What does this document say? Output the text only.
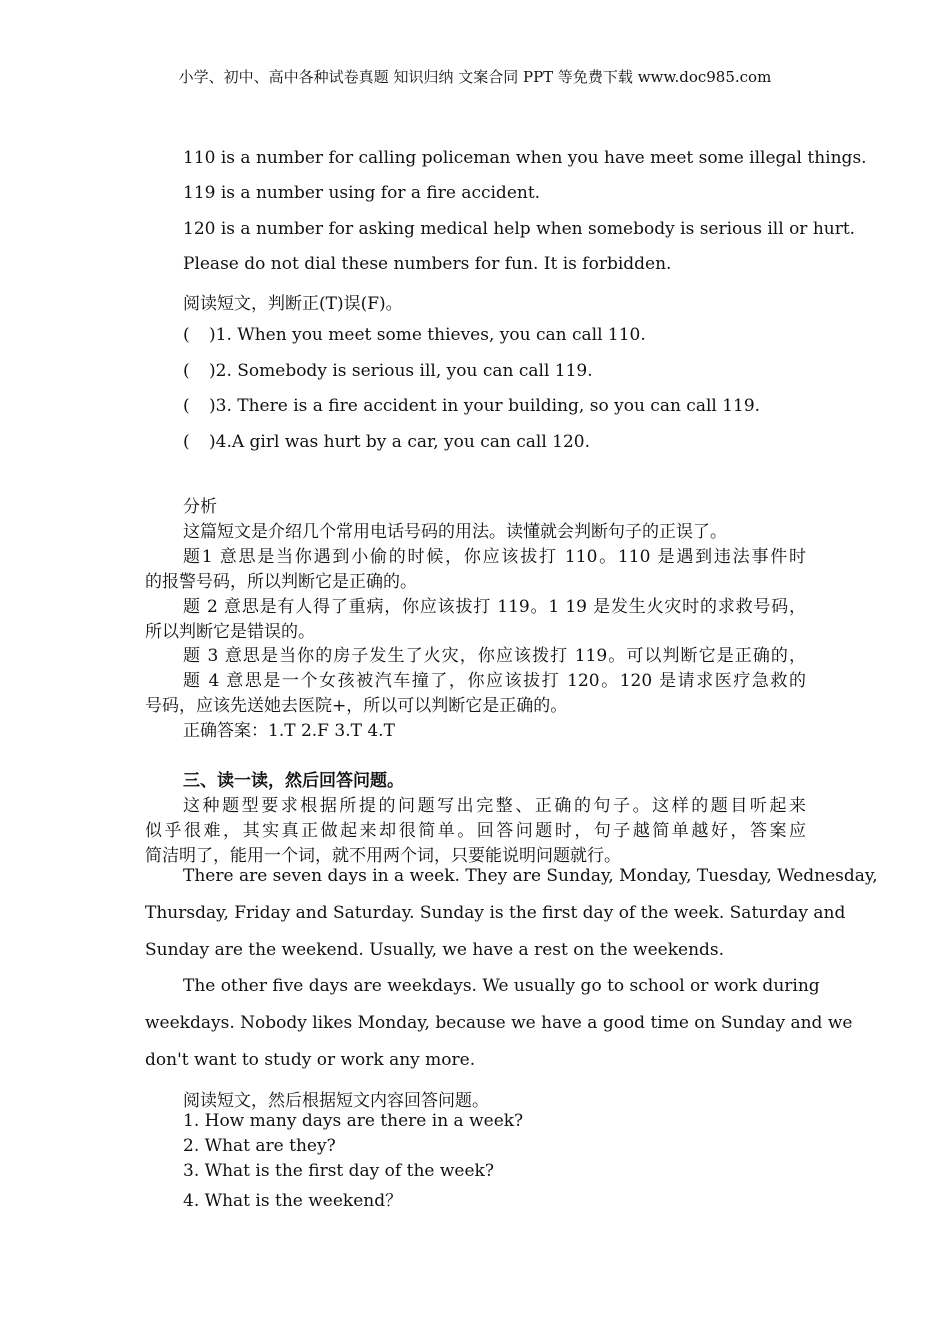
小学、初中、高中各种试卷真题 知识归纳 文案合同 PPT 等免费下载 www.doc985.com
110 is a number for calling policeman when you have meet some illegal things.
119 is a number using for a fire accident.
120 is a number for asking medical help when somebody is serious ill or hurt.
Please do not dial these numbers for fun. It is forbidden.
阅读短文，判断正(T)误(F)。
( )1. When you meet some thieves, you can call 110.
( )2. Somebody is serious ill, you can call 119.
( )3. There is a fire accident in your building, so you can call 119.
( )4.A girl was hurt by a car, you can call 120.
分析
这篇短文是介绍几个常用电话号码的用法。读懂就会判断句子的正误了。
题1 意思是当你遇到小偷的时候，你应该拔打 110。110 是遇到违法事件时
的报警号码，所以判断它是正确的。
题 2 意思是有人得了重病，你应该拔打 119。1 19 是发生火灾时的求救号码，
所以判断它是错误的。
题 3 意思是当你的房子发生了火灾，你应该拨打 119。可以判断它是正确的，
题 4 意思是一个女孩被汽车撞了，你应该拔打 120。120 是请求医疗急救的
号码，应该先送她去医院+，所以可以判断它是正确的。
正确答案：1.T 2.F 3.T 4.T
三、读一读，然后回答问题。
这种题型要求根据所提的问题写出完整、正确的句子。这样的题目听起来
似乎很难，其实真正做起来却很简单。回答问题时，句子越简单越好，答案应
简洁明了，能用一个词，就不用两个词，只要能说明问题就行。
There are seven days in a week. They are Sunday, Monday, Tuesday, Wednesday,
Thursday, Friday and Saturday. Sunday is the first day of the week. Saturday and
Sunday are the weekend. Usually, we have a rest on the weekends.
The other five days are weekdays. We usually go to school or work during
weekdays. Nobody likes Monday, because we have a good time on Sunday and we
don't want to study or work any more.
阅读短文，然后根据短文内容回答问题。
1. How many days are there in a week?
2. What are they?
3. What is the first day of the week?
4. What is the weekend？
